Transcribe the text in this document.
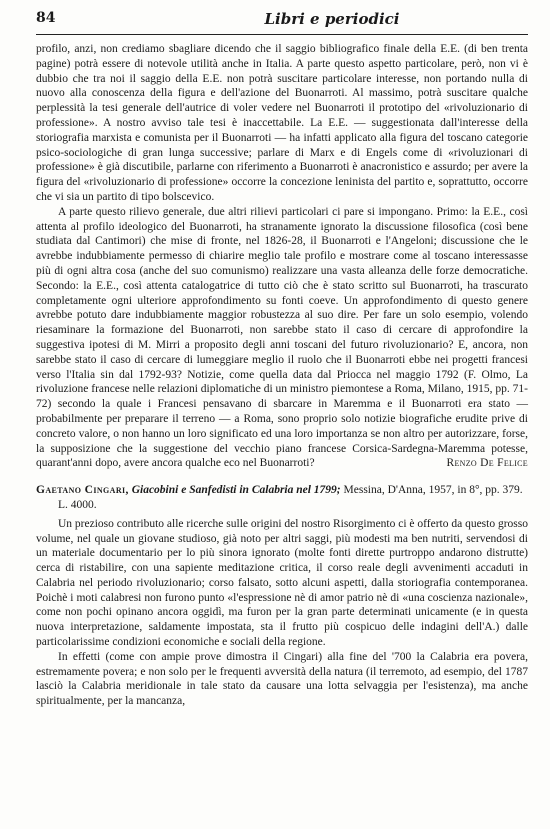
84	Libri e periodici

profilo, anzi, non crediamo sbagliare dicendo che il saggio bibliografico finale della E.E. (di ben trenta pagine) potrà essere di notevole utilità anche in Italia. A parte questo aspetto particolare, però, non vi è dubbio che tra noi il saggio della E.E. non potrà suscitare particolare interesse, non portando nulla di nuovo alla conoscenza della figura e dell'azione del Buonarroti. Al massimo, potrà suscitare qualche perplessità la tesi generale dell'autrice di voler vedere nel Buonarroti il prototipo del «rivoluzionario di professione». A nostro avviso tale tesi è inaccettabile. La E.E. — suggestionata dall'interesse della storiografia marxista e comunista per il Buonarroti — ha infatti applicato alla figura del toscano categorie psico-sociologiche di gran lunga successive; parlare di Marx e di Engels come di «rivoluzionari di professione» è già discutibile, parlarne con riferimento a Buonarroti è anacronistico e assurdo; per avere la figura del «rivoluzionario di professione» occorre la concezione leninista del partito e, soprattutto, occorre che vi sia un partito di tipo bolscevico.

A parte questo rilievo generale, due altri rilievi particolari ci pare si impongano. Primo: la E.E., così attenta al profilo ideologico del Buonarroti, ha stranamente ignorato la discussione filosofica (così bene studiata dal Cantimori) che mise di fronte, nel 1826-28, il Buonarroti e l'Angeloni; discussione che le avrebbe indubbiamente permesso di chiarire meglio tale profilo e mostrare come al toscano interessasse più di ogni altra cosa (anche del suo comunismo) realizzare una vasta alleanza delle forze democratiche. Secondo: la E.E., così attenta catalogatrice di tutto ciò che è stato scritto sul Buonarroti, ha trascurato completamente ogni ulteriore approfondimento su fonti coeve. Un approfondimento di questo genere avrebbe potuto dare indubbiamente maggior robustezza al suo dire. Per fare un solo esempio, volendo riesaminare la formazione del Buonarroti, non sarebbe stato il caso di cercare di approfondire la suggestiva ipotesi di M. Mirri a proposito degli anni toscani del futuro rivoluzionario? E, ancora, non sarebbe stato il caso di cercare di lumeggiare meglio il ruolo che il Buonarroti ebbe nei progetti francesi verso l'Italia sin dal 1792-93? Notizie, come quella data dal Priocca nel maggio 1792 (F. Olmo, La rivoluzione francese nelle relazioni diplomatiche di un ministro piemontese a Roma, Milano, 1915, pp. 71-72) secondo la quale i Francesi pensavano di sbarcare in Maremma e il Buonarroti era stato — probabilmente per preparare il terreno — a Roma, sono proprio solo notizie biografiche erudite prive di concreto valore, o non hanno un loro significato ed una loro importanza se non altro per autorizzare, forse, la supposizione che la suggestione del vecchio piano francese Corsica-Sardegna-Maremma potesse, quarant'anni dopo, avere ancora qualche eco nel Buonarroti?	Renzo De Felice
Gaetano Cingari, Giacobini e Sanfedisti in Calabria nel 1799; Messina, D'Anna, 1957, in 8°, pp. 379. L. 4000.

Un prezioso contributo alle ricerche sulle origini del nostro Risorgimento ci è offerto da questo grosso volume, nel quale un giovane studioso, già noto per altri saggi, più modesti ma ben nutriti, servendosi di un materiale documentario per lo più sinora ignorato (molte fonti dirette purtroppo andarono distrutte) cerca di ristabilire, con una sapiente meditazione critica, il corso reale degli avvenimenti accaduti in Calabria nel periodo rivoluzionario; corso falsato, sotto alcuni aspetti, dalla storiografia contemporanea. Poichè i moti calabresi non furono punto «l'espressione nè di amor patrio nè di «una coscienza nazionale», come non pochi opinano ancora oggidì, ma furon per la gran parte determinati unicamente (e in questa nuova interpretazione, saldamente impostata, sta il frutto più cospicuo delle indagini dell'A.) dalle particolarissime condizioni economiche e sociali della regione.

In effetti (come con ampie prove dimostra il Cingari) alla fine del '700 la Calabria era povera, estremamente povera; e non solo per le frequenti avversità della natura (il terremoto, ad esempio, del 1787 lasciò la Calabria meridionale in tale stato da causare una lotta selvaggia per l'esistenza), ma anche spiritualmente, per la mancanza,
